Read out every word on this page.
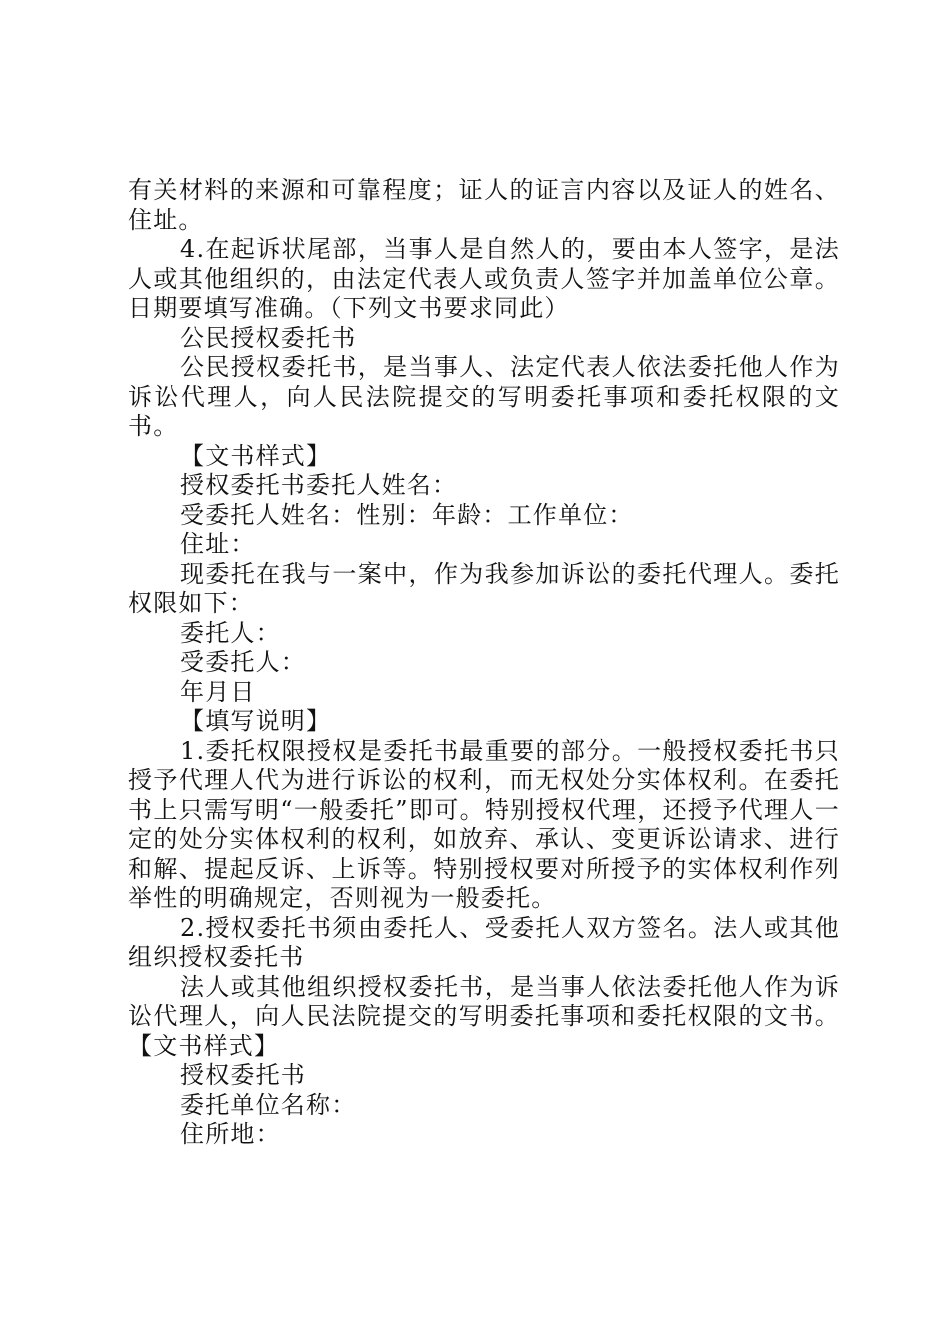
有关材料的来源和可靠程度；证人的证言内容以及证人的姓名、住址。

4.在起诉状尾部，当事人是自然人的，要由本人签字，是法人或其他组织的，由法定代表人或负责人签字并加盖单位公章。日期要填写准确。（下列文书要求同此）

公民授权委托书

公民授权委托书，是当事人、法定代表人依法委托他人作为诉讼代理人，向人民法院提交的写明委托事项和委托权限的文书。

【文书样式】

授权委托书委托人姓名：

受委托人姓名：性别：年龄：工作单位：

住址：

现委托在我与一案中，作为我参加诉讼的委托代理人。委托权限如下：

委托人：

受委托人：

年月日

【填写说明】

1.委托权限授权是委托书最重要的部分。一般授权委托书只授予代理人代为进行诉讼的权利，而无权处分实体权利。在委托书上只需写明“一般委托”即可。特别授权代理，还授予代理人一定的处分实体权利的权利，如放弃、承认、变更诉讼请求、进行和解、提起反诉、上诉等。特别授权要对所授予的实体权利作列举性的明确规定，否则视为一般委托。

2.授权委托书须由委托人、受委托人双方签名。法人或其他组织授权委托书

法人或其他组织授权委托书，是当事人依法委托他人作为诉讼代理人，向人民法院提交的写明委托事项和委托权限的文书。【文书样式】

授权委托书

委托单位名称：

住所地：
